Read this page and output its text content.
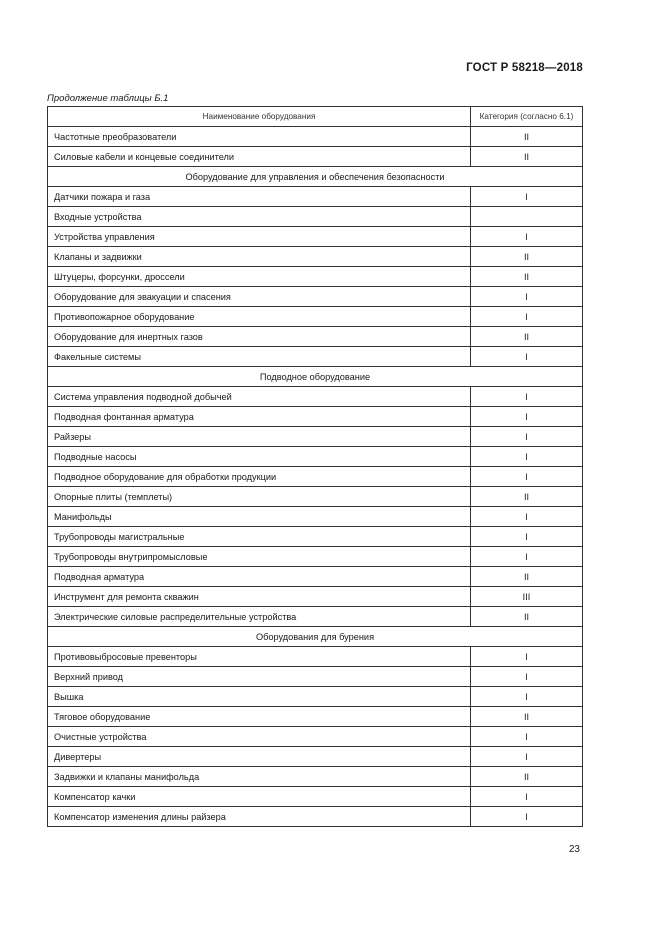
ГОСТ Р 58218—2018
Продолжение таблицы Б.1
Наименование оборудования	Категория (согласно 6.1)
Частотные преобразователи	II
Силовые кабели и концевые соединители	II
Оборудование для управления и обеспечения безопасности	
Датчики пожара и газа	I
Входные устройства	
Устройства управления	I
Клапаны и задвижки	II
Штуцеры, форсунки, дроссели	II
Оборудование для эвакуации и спасения	I
Противопожарное оборудование	I
Оборудование для инертных газов	II
Факельные системы	I
Подводное оборудование	
Система управления подводной добычей	I
Подводная фонтанная арматура	I
Райзеры	I
Подводные насосы	I
Подводное оборудование для обработки продукции	I
Опорные плиты (темплеты)	II
Манифольды	I
Трубопроводы магистральные	I
Трубопроводы внутрипромысловые	I
Подводная арматура	II
Инструмент для ремонта скважин	III
Электрические силовые распределительные устройства	II
Оборудования для бурения	
Противовыбросовые превенторы	I
Верхний привод	I
Вышка	I
Тяговое оборудование	II
Очистные устройства	I
Дивертеры	I
Задвижки и клапаны манифольда	II
Компенсатор качки	I
Компенсатор изменения длины райзера	I
23
